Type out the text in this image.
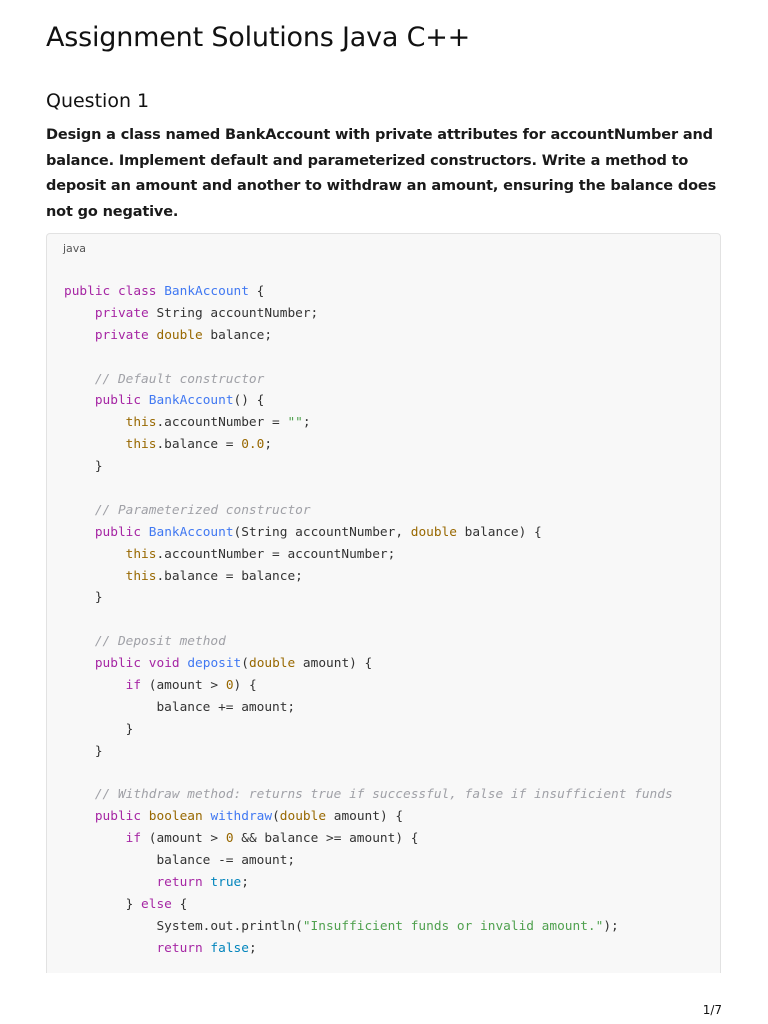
Assignment Solutions Java C++
Question 1

Design a class named BankAccount with private attributes for accountNumber and balance. Implement default and parameterized constructors. Write a method to deposit an amount and another to withdraw an amount, ensuring the balance does not go negative.

java
public class BankAccount {
private String accountNumber;
private double balance;

// Default constructor
public BankAccount() {
this.accountNumber = "";
this.balance = 0.0;
}

// Parameterized constructor
public BankAccount(String accountNumber, double balance) {
this.accountNumber = accountNumber;
this.balance = balance;
}

// Deposit method
public void deposit(double amount) {
if (amount > 0) {
balance += amount;
}
}

// Withdraw method: returns true if successful, false if insufficient funds
public boolean withdraw(double amount) {
if (amount > 0 && balance >= amount) {
balance -= amount;
return true;
} else {
System.out.println("Insufficient funds or invalid amount.");
return false;
1/7
